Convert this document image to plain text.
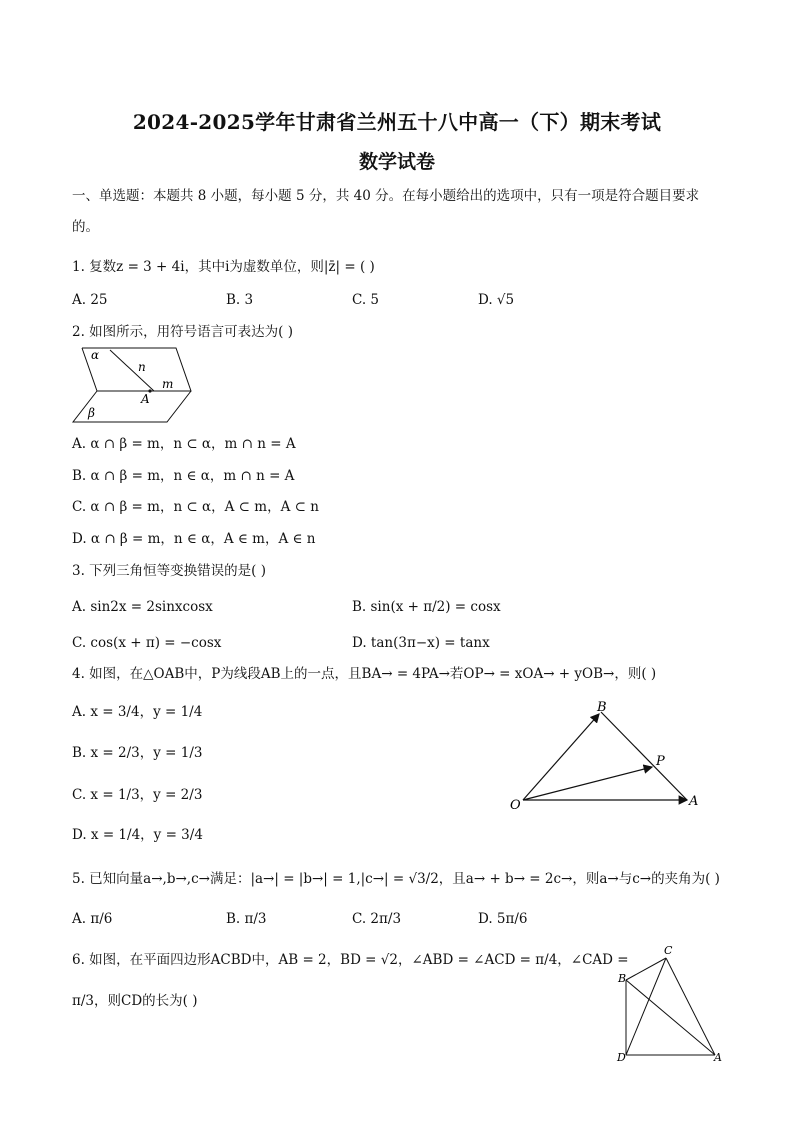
2024-2025学年甘肃省兰州五十八中高一（下）期末考试
数学试卷
一、单选题：本题共 8 小题，每小题 5 分，共 40 分。在每小题给出的选项中，只有一项是符合题目要求
的。
1. 复数z = 3 + 4i，其中i为虚数单位，则|z̄| = ( )
A. 25	B. 3	C. 5	D. √5
2. 如图所示，用符号语言可表达为( )
α
n
m
A
β
A. α ∩ β = m，n ⊂ α，m ∩ n = A
B. α ∩ β = m，n ∈ α，m ∩ n = A
C. α ∩ β = m，n ⊂ α，A ⊂ m，A ⊂ n
D. α ∩ β = m，n ∈ α，A ∈ m，A ∈ n
3. 下列三角恒等变换错误的是( )
A. sin2x = 2sinxcosx	B. sin(x + π/2) = cosx
C. cos(x + π) = −cosx	D. tan(3π−x) = tanx
4. 如图，在△OAB中，P为线段AB上的一点，且BA→ = 4PA→若OP→ = xOA→ + yOB→，则( )
A. x = 3/4，y = 1/4
B. x = 2/3，y = 1/3
C. x = 1/3，y = 2/3
D. x = 1/4，y = 3/4
B
P
O	A
5. 已知向量a→,b→,c→满足：|a→| = |b→| = 1,|c→| = √3/2，且a→ + b→ = 2c→，则a→与c→的夹角为( )
A. π/6	B. π/3	C. 2π/3	D. 5π/6
6. 如图，在平面四边形ACBD中，AB = 2，BD = √2，∠ABD = ∠ACD = π/4，∠CAD =
π/3，则CD的长为( )
C
B
D	A
